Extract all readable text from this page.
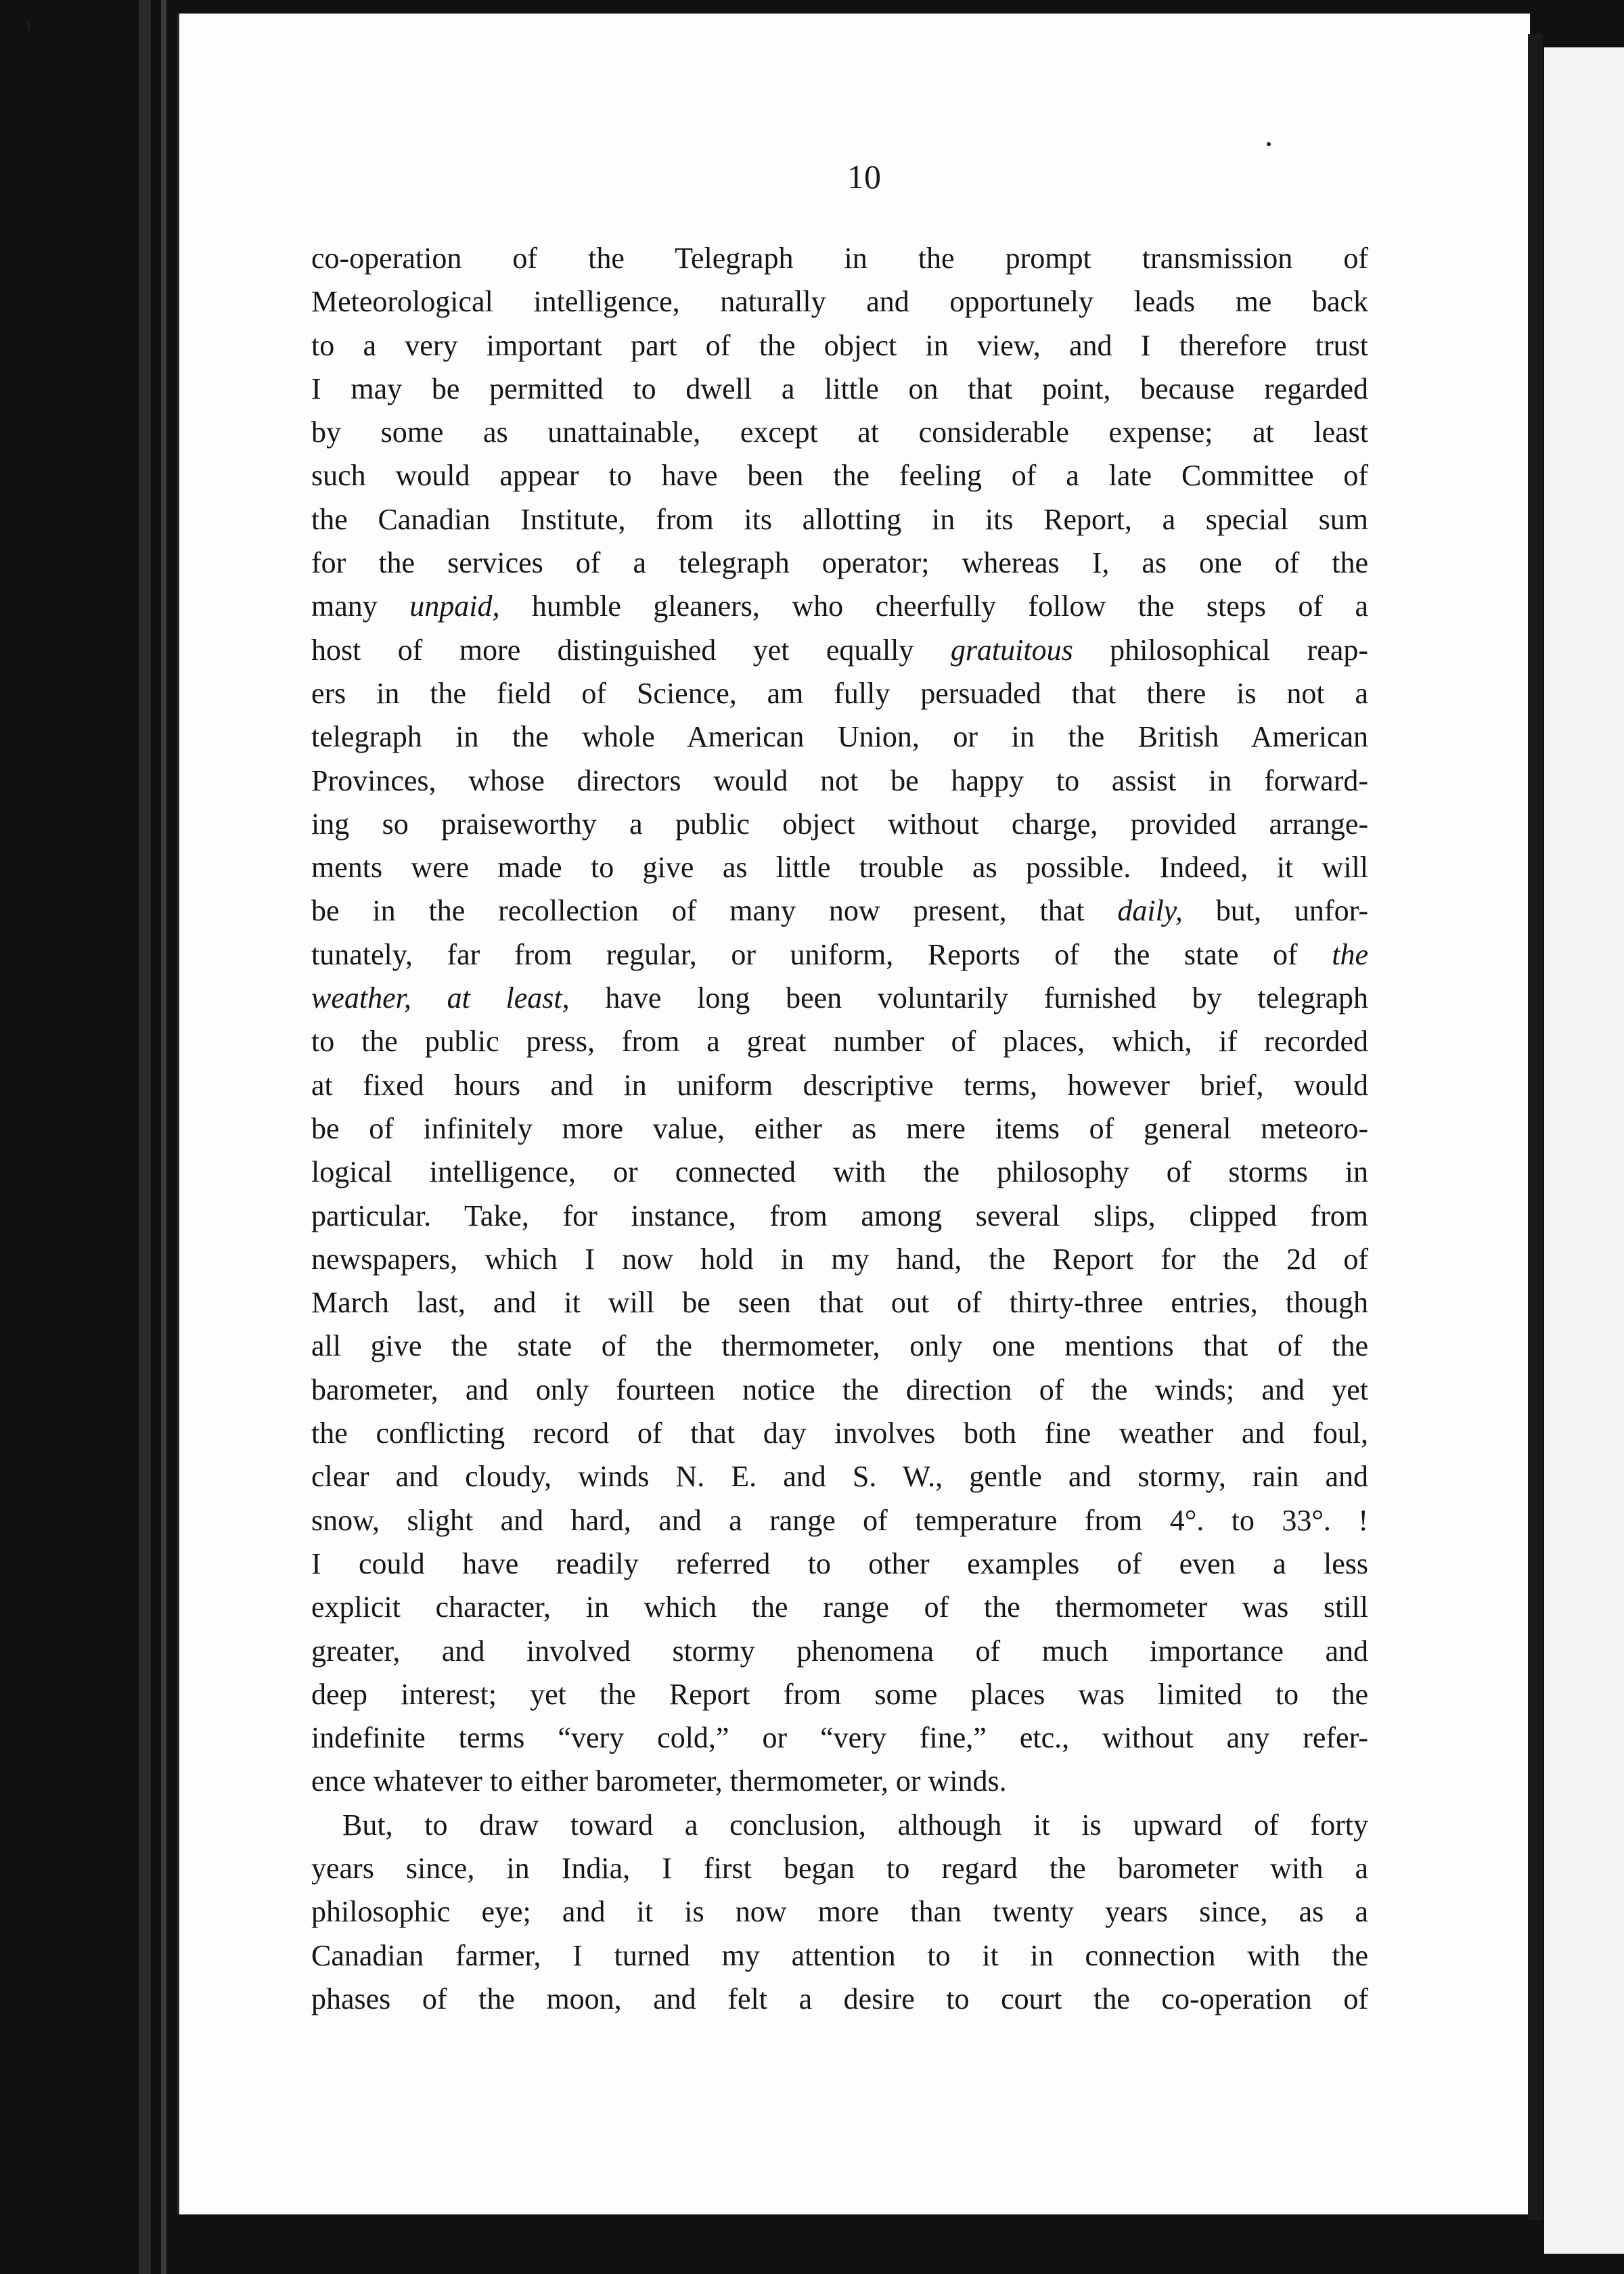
10
co-operation of the Telegraph in the prompt transmission of
Meteorological intelligence, naturally and opportunely leads me back
to a very important part of the object in view, and I therefore trust
I may be permitted to dwell a little on that point, because regarded
by some as unattainable, except at considerable expense; at least
such would appear to have been the feeling of a late Committee of
the Canadian Institute, from its allotting in its Report, a special sum
for the services of a telegraph operator; whereas I, as one of the
many unpaid, humble gleaners, who cheerfully follow the steps of a
host of more distinguished yet equally gratuitous philosophical reap-
ers in the field of Science, am fully persuaded that there is not a
telegraph in the whole American Union, or in the British American
Provinces, whose directors would not be happy to assist in forward-
ing so praiseworthy a public object without charge, provided arrange-
ments were made to give as little trouble as possible. Indeed, it will
be in the recollection of many now present, that daily, but, unfor-
tunately, far from regular, or uniform, Reports of the state of the
weather, at least, have long been voluntarily furnished by telegraph
to the public press, from a great number of places, which, if recorded
at fixed hours and in uniform descriptive terms, however brief, would
be of infinitely more value, either as mere items of general meteoro-
logical intelligence, or connected with the philosophy of storms in
particular. Take, for instance, from among several slips, clipped from
newspapers, which I now hold in my hand, the Report for the 2d of
March last, and it will be seen that out of thirty-three entries, though
all give the state of the thermometer, only one mentions that of the
barometer, and only fourteen notice the direction of the winds; and yet
the conflicting record of that day involves both fine weather and foul,
clear and cloudy, winds N. E. and S. W., gentle and stormy, rain and
snow, slight and hard, and a range of temperature from 4°. to 33°. !
I could have readily referred to other examples of even a less
explicit character, in which the range of the thermometer was still
greater, and involved stormy phenomena of much importance and
deep interest; yet the Report from some places was limited to the
indefinite terms “very cold,” or “very fine,” etc., without any refer-
ence whatever to either barometer, thermometer, or winds.
But, to draw toward a conclusion, although it is upward of forty
years since, in India, I first began to regard the barometer with a
philosophic eye; and it is now more than twenty years since, as a
Canadian farmer, I turned my attention to it in connection with the
phases of the moon, and felt a desire to court the co-operation of
